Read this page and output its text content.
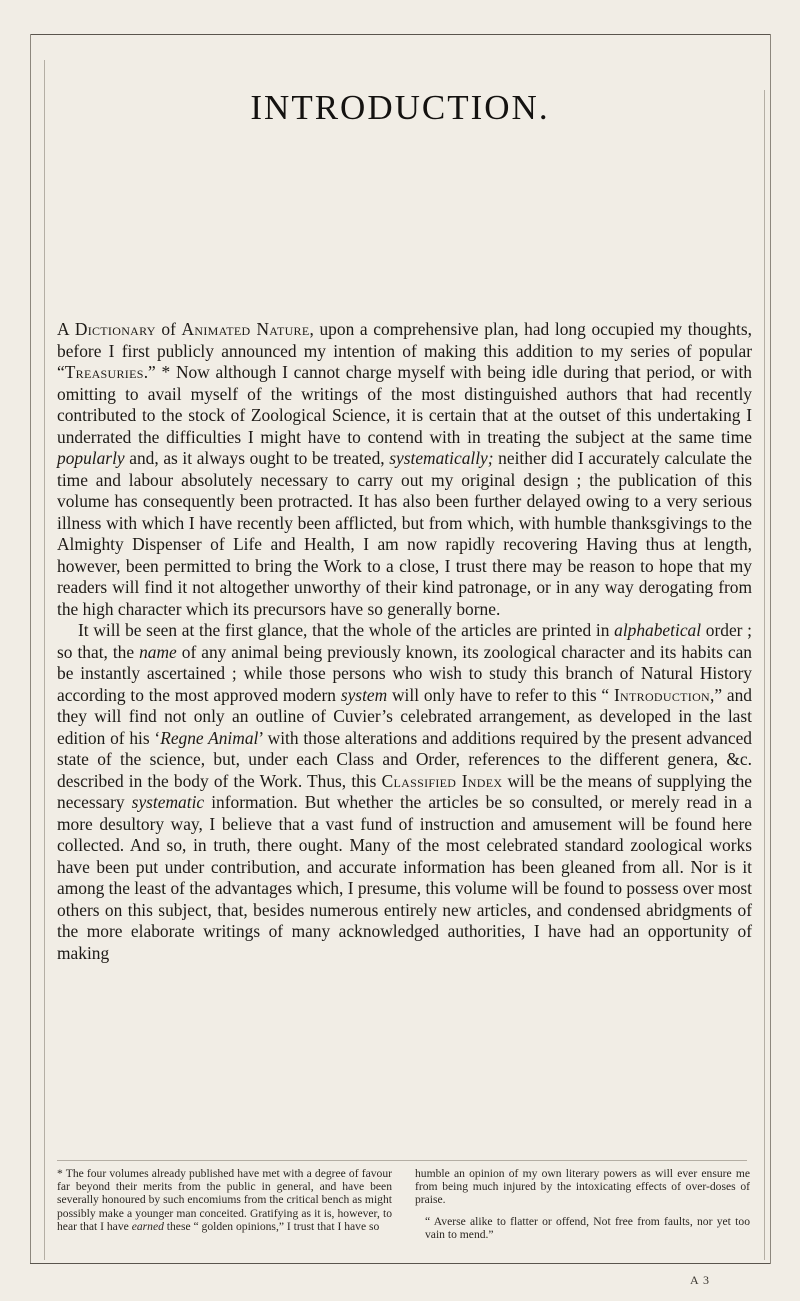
INTRODUCTION.

A Dictionary of Animated Nature, upon a comprehensive plan, had long occupied my thoughts, before I first publicly announced my intention of making this addition to my series of popular “Treasuries.” * Now although I cannot charge myself with being idle during that period, or with omitting to avail myself of the writings of the most distinguished authors that had recently contributed to the stock of Zoological Science, it is certain that at the outset of this undertaking I underrated the difficulties I might have to contend with in treating the subject at the same time popularly and, as it always ought to be treated, systematically; neither did I accurately calculate the time and labour absolutely necessary to carry out my original design ; the publication of this volume has consequently been protracted. It has also been further delayed owing to a very serious illness with which I have recently been afflicted, but from which, with humble thanksgivings to the Almighty Dispenser of Life and Health, I am now rapidly recovering Having thus at length, however, been permitted to bring the Work to a close, I trust there may be reason to hope that my readers will find it not altogether unworthy of their kind patronage, or in any way derogating from the high character which its precursors have so generally borne.

It will be seen at the first glance, that the whole of the articles are printed in alphabetical order ; so that, the name of any animal being previously known, its zoological character and its habits can be instantly ascertained ; while those persons who wish to study this branch of Natural History according to the most approved modern system will only have to refer to this “ Introduction,” and they will find not only an outline of Cuvier’s celebrated arrangement, as developed in the last edition of his ‘Regne Animal’ with those alterations and additions required by the present advanced state of the science, but, under each Class and Order, references to the different genera, &c. described in the body of the Work. Thus, this Classified Index will be the means of supplying the necessary systematic information. But whether the articles be so consulted, or merely read in a more desultory way, I believe that a vast fund of instruction and amusement will be found here collected. And so, in truth, there ought. Many of the most celebrated standard zoological works have been put under contribution, and accurate information has been gleaned from all. Nor is it among the least of the advantages which, I presume, this volume will be found to possess over most others on this subject, that, besides numerous entirely new articles, and condensed abridgments of the more elaborate writings of many acknowledged authorities, I have had an opportunity of making

* The four volumes already published have met with a degree of favour far beyond their merits from the public in general, and have been severally honoured by such encomiums from the critical bench as might possibly make a younger man conceited. Gratifying as it is, however, to hear that I have earned these “ golden opinions,” I trust that I have so

humble an opinion of my own literary powers as will ever ensure me from being much injured by the intoxicating effects of over-doses of praise.

“ Averse alike to flatter or offend, Not free from faults, nor yet too vain to mend.”

A 3
